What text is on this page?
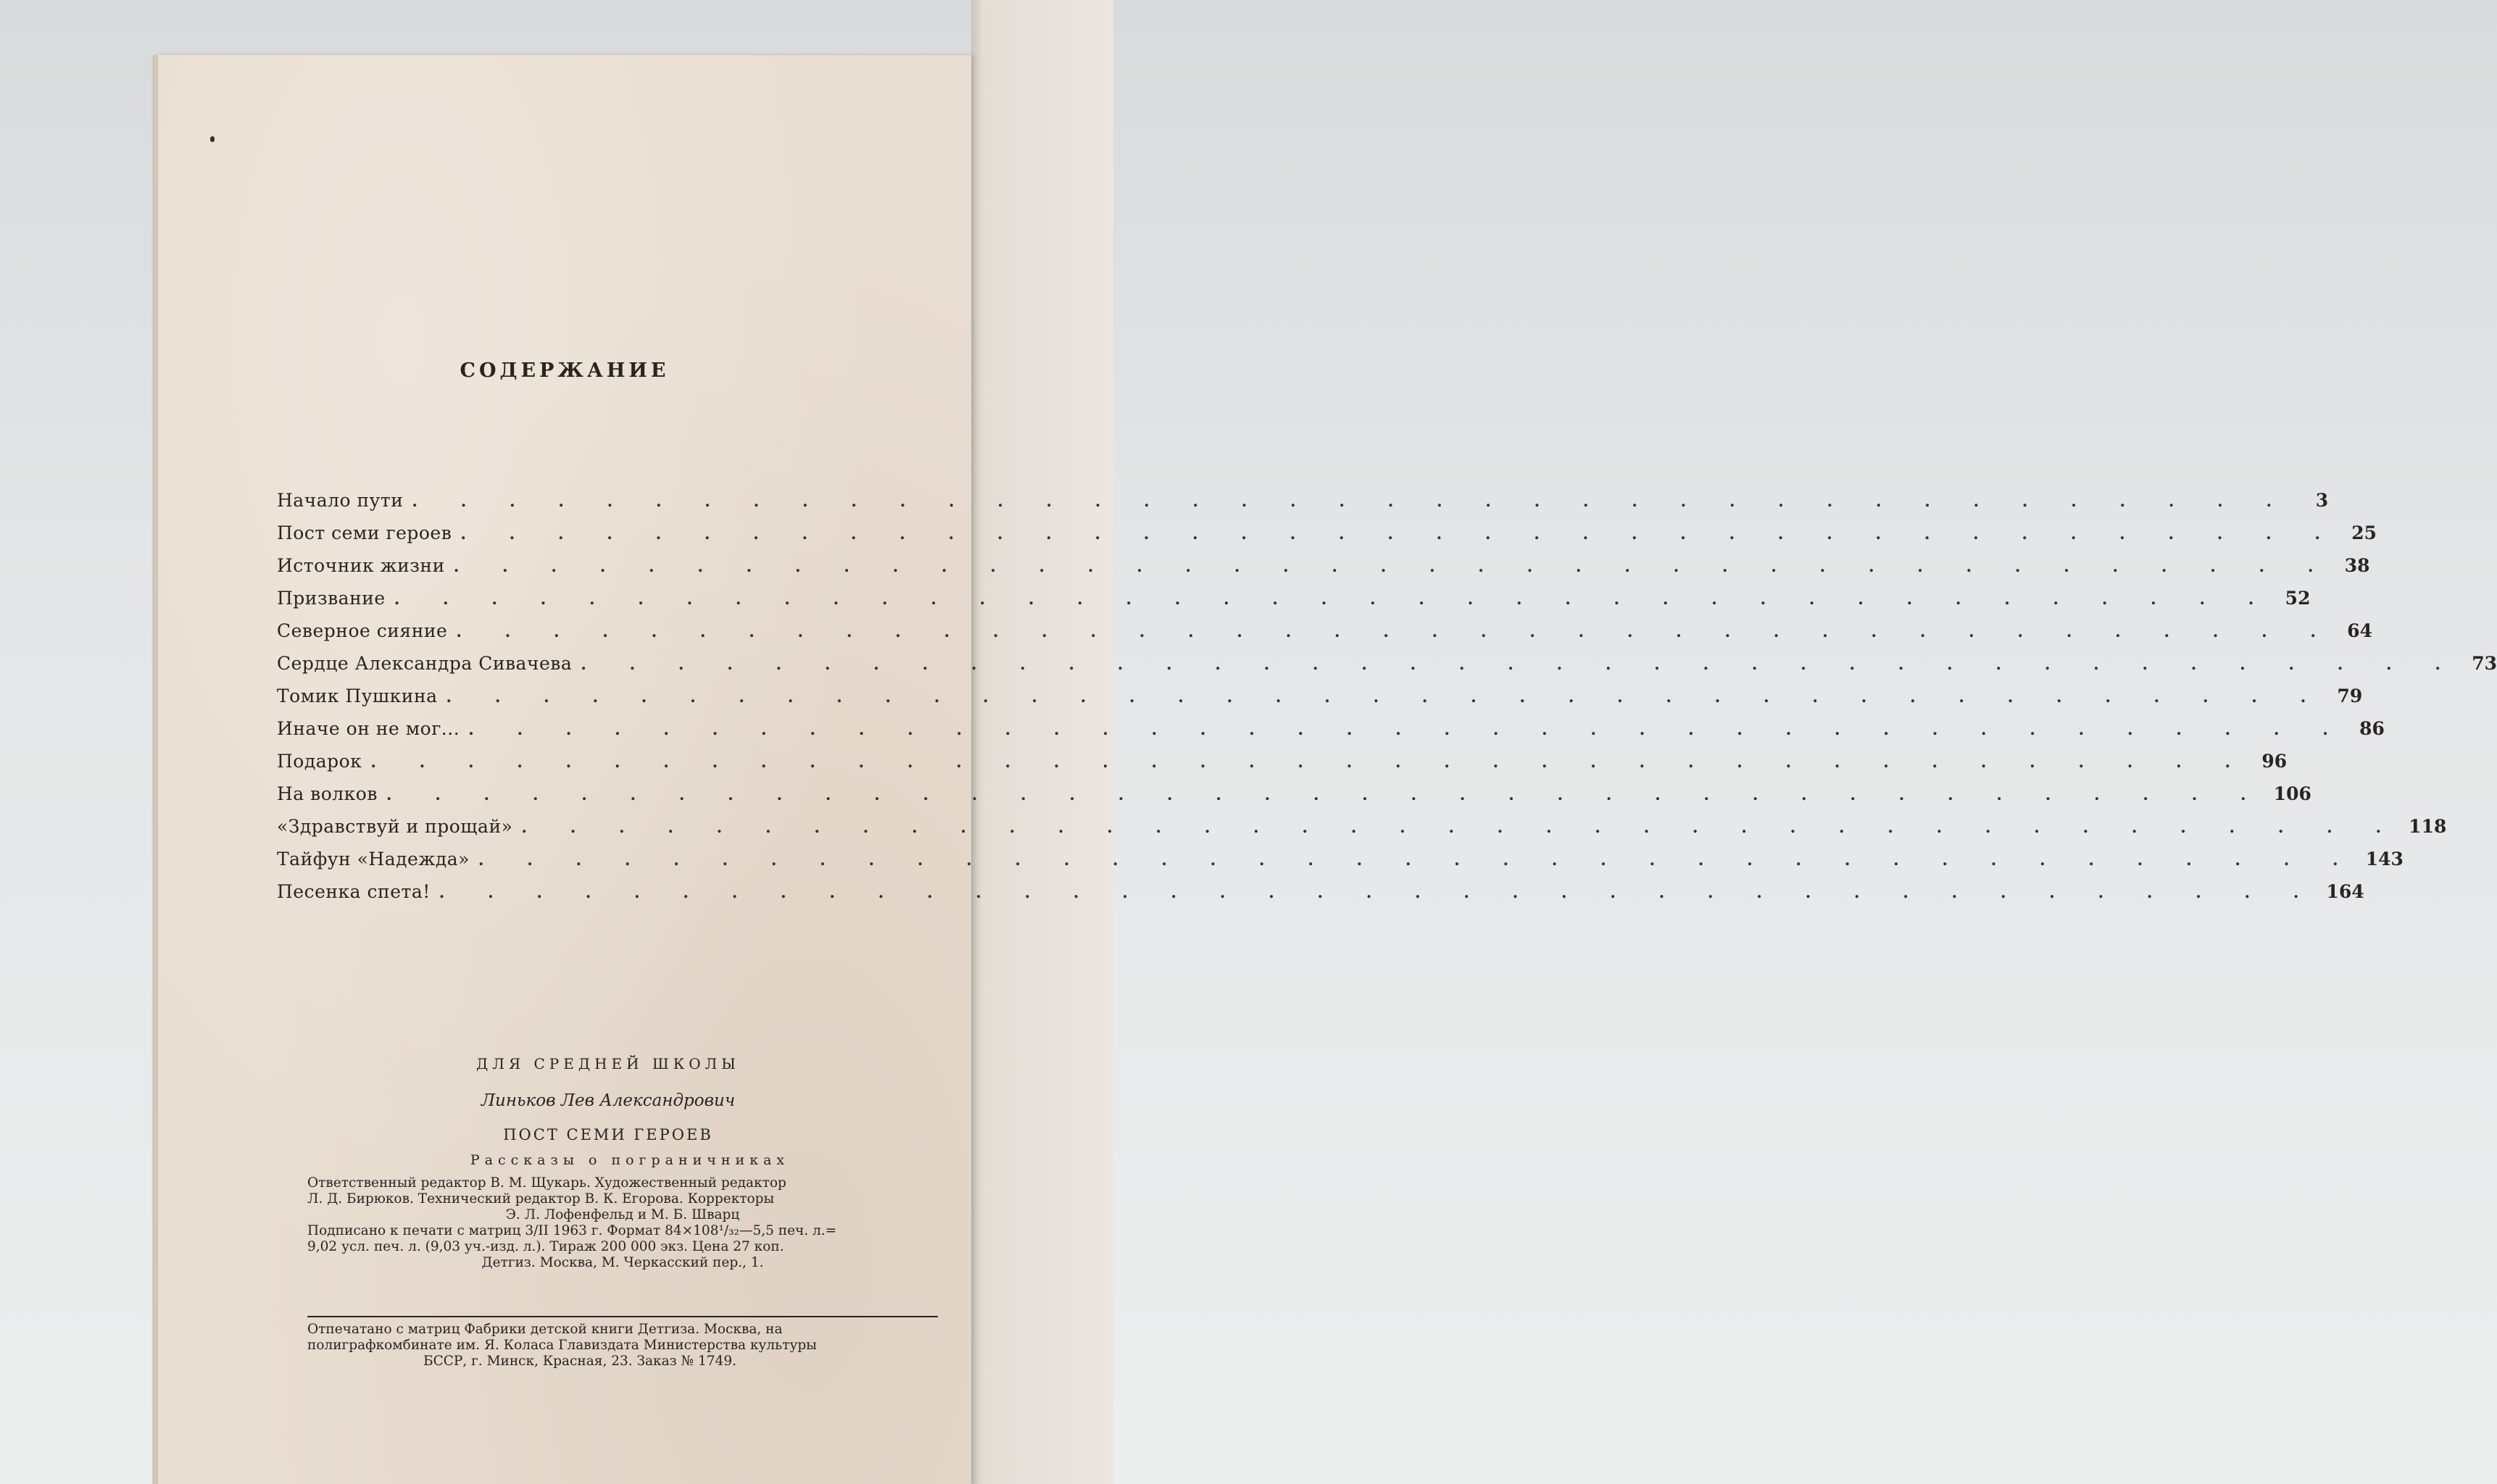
СОДЕРЖАНИЕ
Начало пути . . . . . . . . . . . . . . . . . . . . . . . . . . . . . . . . . . . . . . .	3
Пост семи героев . . . . . . . . . . . . . . . . . . . . . . . . . . . . . . . . . . . . . . . 25
Источник жизни . . . . . . . . . . . . . . . . . . . . . . . . . . . . . . . . . . . . . . . 38
Призвание . . . . . . . . . . . . . . . . . . . . . . . . . . . . . . . . . . . . . . . 52
Северное сияние . . . . . . . . . . . . . . . . . . . . . . . . . . . . . . . . . . . . . . . 64
Сердце Александра Сивачева . . . . . . . . . . . . . . . . . . . . . . . . . . . . . . . . . . . . . . . 73
Томик Пушкина . . . . . . . . . . . . . . . . . . . . . . . . . . . . . . . . . . . . . . . 79
Иначе он не мог... . . . . . . . . . . . . . . . . . . . . . . . . . . . . . . . . . . . . . . . 86
Подарок . . . . . . . . . . . . . . . . . . . . . . . . . . . . . . . . . . . . . . . 96
На волков . . . . . . . . . . . . . . . . . . . . . . . . . . . . . . . . . . . . . . . 106
«Здравствуй и прощай» . . . . . . . . . . . . . . . . . . . . . . . . . . . . . . . . . . . . . . . 118
Тайфун «Надежда» . . . . . . . . . . . . . . . . . . . . . . . . . . . . . . . . . . . . . . . 143
Песенка спета! . . . . . . . . . . . . . . . . . . . . . . . . . . . . . . . . . . . . . . . 164
ДЛЯ СРЕДНЕЙ ШКОЛЫ
Линьков Лев Александрович
ПОСТ СЕМИ ГЕРОЕВ
Рассказы о пограничниках
Ответственный редактор В. М. Щукарь. Художественный редактор
Л. Д. Бирюков. Технический редактор В. К. Егорова. Корректоры
Э. Л. Лофенфельд и М. Б. Шварц
Подписано к печати с матриц 3/II 1963 г. Формат 84×108¹/₃₂—5,5 печ. л.=
9,02 усл. печ. л. (9,03 уч.-изд. л.). Тираж 200 000 экз. Цена 27 коп.
Детгиз. Москва, М. Черкасский пер., 1.
Отпечатано с матриц Фабрики детской книги Детгиза. Москва, на
полиграфкомбинате им. Я. Коласа Главиздата Министерства культуры
БССР, г. Минск, Красная, 23. Заказ № 1749.
